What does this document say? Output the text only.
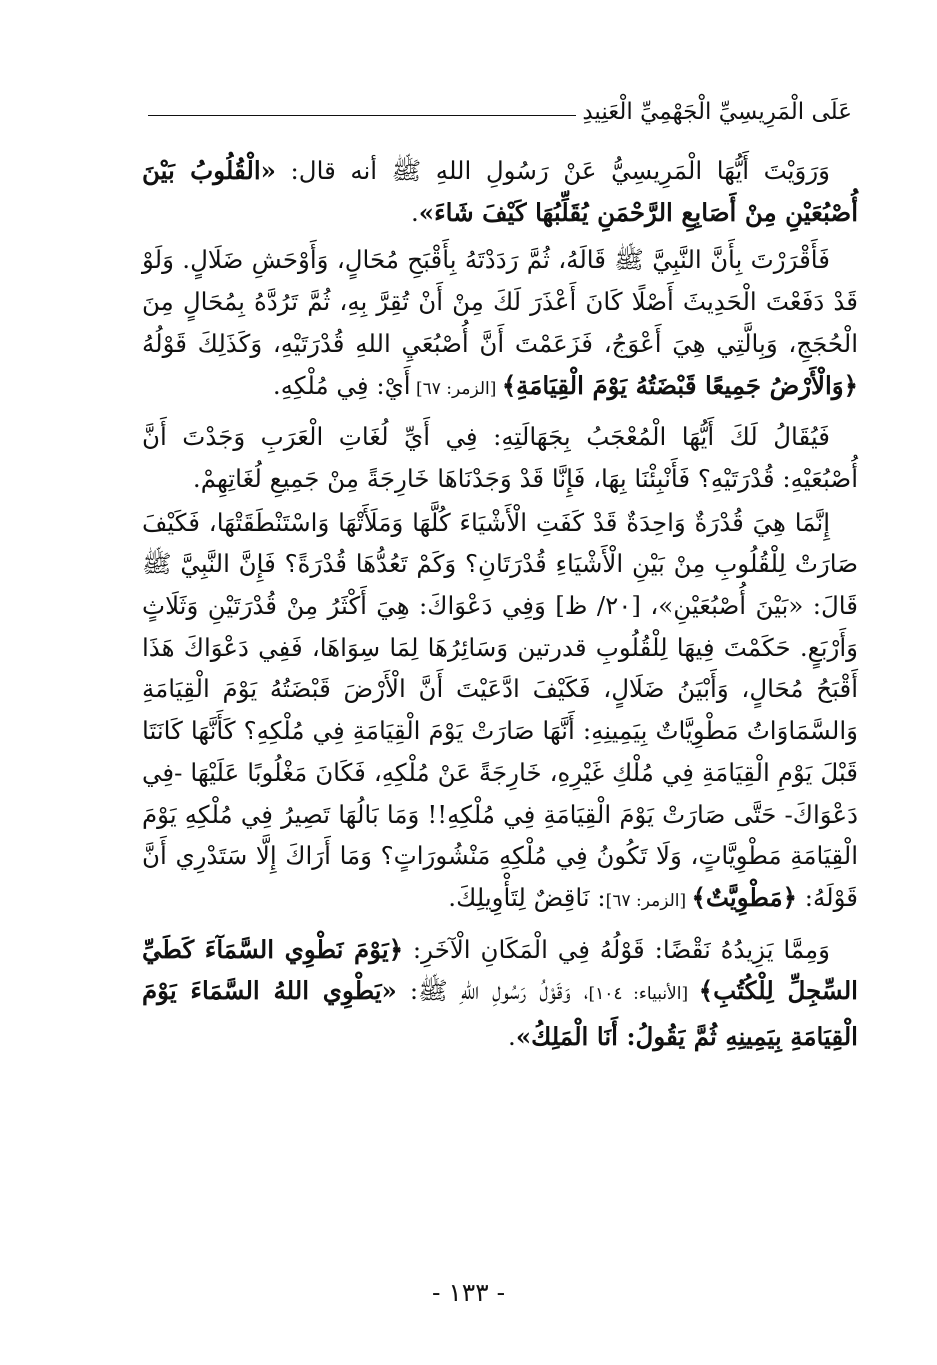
عَلَى الْمَرِيسِيِّ الْجَهْمِيِّ الْعَنِيدِ

وَرَوَيْتَ أَيُّهَا الْمَرِيسِيُّ عَنْ رَسُولِ اللهِ ﷺ أنه قال: «الْقُلُوبُ بَيْنَ أُصْبُعَيْنِ مِنْ أَصَابِعِ الرَّحْمَنِ يُقَلِّبُهَا كَيْفَ شَاءَ».

فَأَقْرَرْتَ بِأَنَّ النَّبِيَّ ﷺ قَالَهُ، ثُمَّ رَدَدْتَهُ بِأَقْبَحِ مُحَالٍ، وَأَوْحَشِ ضَلَالٍ. وَلَوْ قَدْ دَفَعْتَ الْحَدِيثَ أَصْلًا كَانَ أَعْذَرَ لَكَ مِنْ أَنْ تُقِرَّ بِهِ، ثُمَّ تَرُدَّهُ بِمُحَالٍ مِنَ الْحُجَجِ، وَبِالَّتِي هِيَ أَعْوَجُ، فَزَعَمْتَ أَنَّ أُصْبُعَيِ اللهِ قُدْرَتَيْهِ، وَكَذَلِكَ قَوْلُهُ ﴿وَالْأَرْضُ جَمِيعًا قَبْضَتُهُ يَوْمَ الْقِيَامَةِ﴾ [الزمر: ٦٧] أَيْ: فِي مُلْكِهِ.

فَيُقَالُ لَكَ أَيُّهَا الْمُعْجَبُ بِجَهَالَتِهِ: فِي أَيِّ لُغَاتِ الْعَرَبِ وَجَدْتَ أَنَّ أُصْبُعَيْهِ: قُدْرَتَيْهِ؟ فَأَنْبِئْنَا بِهَا، فَإِنَّا قَدْ وَجَدْنَاهَا خَارِجَةً مِنْ جَمِيعِ لُغَاتِهِمْ.

إِنَّمَا هِيَ قُدْرَةٌ وَاحِدَةٌ قَدْ كَفَتِ الْأَشْيَاءَ كُلَّهَا وَمَلَأَتْهَا وَاسْتَنْطَقَتْهَا، فَكَيْفَ صَارَتْ لِلْقُلُوبِ مِنْ بَيْنِ الْأَشْيَاءِ قُدْرَتَانِ؟ وَكَمْ تَعُدُّهَا قُدْرَةً؟ فَإِنَّ النَّبِيَّ ﷺ قَالَ: «بَيْنَ أُصْبُعَيْنِ»، [٢٠/ ظ] وَفِي دَعْوَاكَ: هِيَ أَكْثَرُ مِنْ قُدْرَتَيْنِ وَثَلَاثٍ وَأَرْبَعٍ. حَكَمْتَ فِيهَا لِلْقُلُوبِ قدرتين وَسَائِرُهَا لِمَا سِوَاهَا، فَفِي دَعْوَاكَ هَذَا أَقْبَحُ مُحَالٍ، وَأَبْيَنُ ضَلَالٍ، فَكَيْفَ ادَّعَيْتَ أَنَّ الْأَرْضَ قَبْضَتُهُ يَوْمَ الْقِيَامَةِ وَالسَّمَاوَاتُ مَطْوِيَّاتٌ بِيَمِينِهِ: أَنَّهَا صَارَتْ يَوْمَ الْقِيَامَةِ فِي مُلْكِهِ؟ كَأَنَّهَا كَانَتَا قَبْلَ يَوْمِ الْقِيَامَةِ فِي مُلْكِ غَيْرِهِ، خَارِجَةً عَنْ مُلْكِهِ، فَكَانَ مَغْلُوبًا عَلَيْهَا -فِي دَعْوَاكَ- حَتَّى صَارَتْ يَوْمَ الْقِيَامَةِ فِي مُلْكِهِ!! وَمَا بَالُهَا تَصِيرُ فِي مُلْكِهِ يَوْمَ الْقِيَامَةِ مَطْوِيَّاتٍ، وَلَا تَكُونُ فِي مُلْكِهِ مَنْشُورَاتٍ؟ وَمَا أَرَاكَ إِلَّا سَتَدْرِي أَنَّ قَوْلَهُ: ﴿مَطْوِيَّتٌ﴾ [الزمر: ٦٧]: نَاقِضٌ لِتَأْوِيلِكَ.

وَمِمَّا يَزِيدُهُ نَقْضًا: قَوْلُهُ فِي الْمَكَانِ الْآخَرِ: ﴿يَوْمَ نَطْوِي السَّمَآءَ كَطَيِّ السِّجِلِّ لِلْكُتُبِ﴾ [الأنبياء: ١٠٤]، وَقَوْلُ رَسُولِ اللهِ ﷺ: «يَطْوِي اللهُ السَّمَاءَ يَوْمَ الْقِيَامَةِ بِيَمِينِهِ ثُمَّ يَقُولُ: أَنَا الْمَلِكُ».

- ١٣٣ -
